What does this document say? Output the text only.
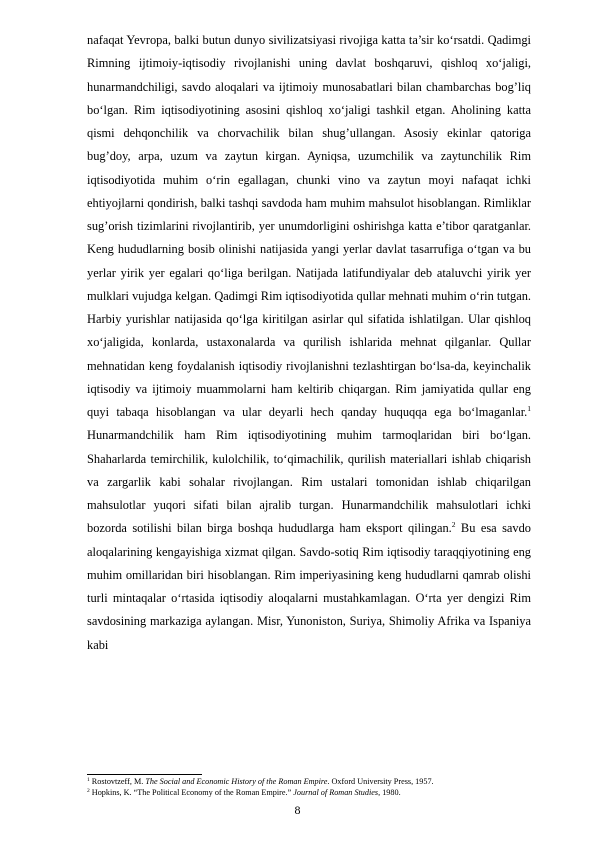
nafaqat Yevropa, balki butun dunyo sivilizatsiyasi rivojiga katta ta’sir ko‘rsatdi. Qadimgi Rimning ijtimoiy-iqtisodiy rivojlanishi uning davlat boshqaruvi, qishloq xo‘jaligi, hunarmandchiligi, savdo aloqalari va ijtimoiy munosabatlari bilan chambarchas bog’liq bo‘lgan. Rim iqtisodiyotining asosini qishloq xo‘jaligi tashkil etgan. Aholining katta qismi dehqonchilik va chorvachilik bilan shug’ullangan. Asosiy ekinlar qatoriga bug’doy, arpa, uzum va zaytun kirgan. Ayniqsa, uzumchilik va zaytunchilik Rim iqtisodiyotida muhim o‘rin egallagan, chunki vino va zaytun moyi nafaqat ichki ehtiyojlarni qondirish, balki tashqi savdoda ham muhim mahsulot hisoblangan. Rimliklar sug’orish tizimlarini rivojlantirib, yer unumdorligini oshirishga katta e’tibor qaratganlar. Keng hududlarning bosib olinishi natijasida yangi yerlar davlat tasarrufiga o‘tgan va bu yerlar yirik yer egalari qo‘liga berilgan. Natijada latifundiyalar deb ataluvchi yirik yer mulklari vujudga kelgan. Qadimgi Rim iqtisodiyotida qullar mehnati muhim o‘rin tutgan. Harbiy yurishlar natijasida qo‘lga kiritilgan asirlar qul sifatida ishlatilgan. Ular qishloq xo‘jaligida, konlarda, ustaxonalarda va qurilish ishlarida mehnat qilganlar. Qullar mehnatidan keng foydalanish iqtisodiy rivojlanishni tezlashtirgan bo‘lsa-da, keyinchalik iqtisodiy va ijtimoiy muammolarni ham keltirib chiqargan. Rim jamiyatida qullar eng quyi tabaqa hisoblangan va ular deyarli hech qanday huquqqa ega bo‘lmaganlar.$^1$ Hunarmandchilik ham Rim iqtisodiyotining muhim tarmoqlaridan biri bo‘lgan. Shaharlarda temirchilik, kulolchilik, to‘qimachilik, qurilish materiallari ishlab chiqarish va zargarlik kabi sohalar rivojlangan. Rim ustalari tomonidan ishlab chiqarilgan mahsulotlar yuqori sifati bilan ajralib turgan. Hunarmandchilik mahsulotlari ichki bozorda sotilishi bilan birga boshqa hududlarga ham eksport qilingan.$^2$ Bu esa savdo aloqalarining kengayishiga xizmat qilgan. Savdo-sotiq Rim iqtisodiy taraqqiyotining eng muhim omillaridan biri hisoblangan. Rim imperiyasining keng hududlarni qamrab olishi turli mintaqalar o‘rtasida iqtisodiy aloqalarni mustahkamlagan. O‘rta yer dengizi Rim savdosining markaziga aylangan. Misr, Yunoniston, Suriya, Shimoliy Afrika va Ispaniya kabi

$^1$ Rostovtzeff, M. The Social and Economic History of the Roman Empire. Oxford University Press, 1957.

$^2$ Hopkins, K. “The Political Economy of the Roman Empire.” Journal of Roman Studies, 1980.

8
